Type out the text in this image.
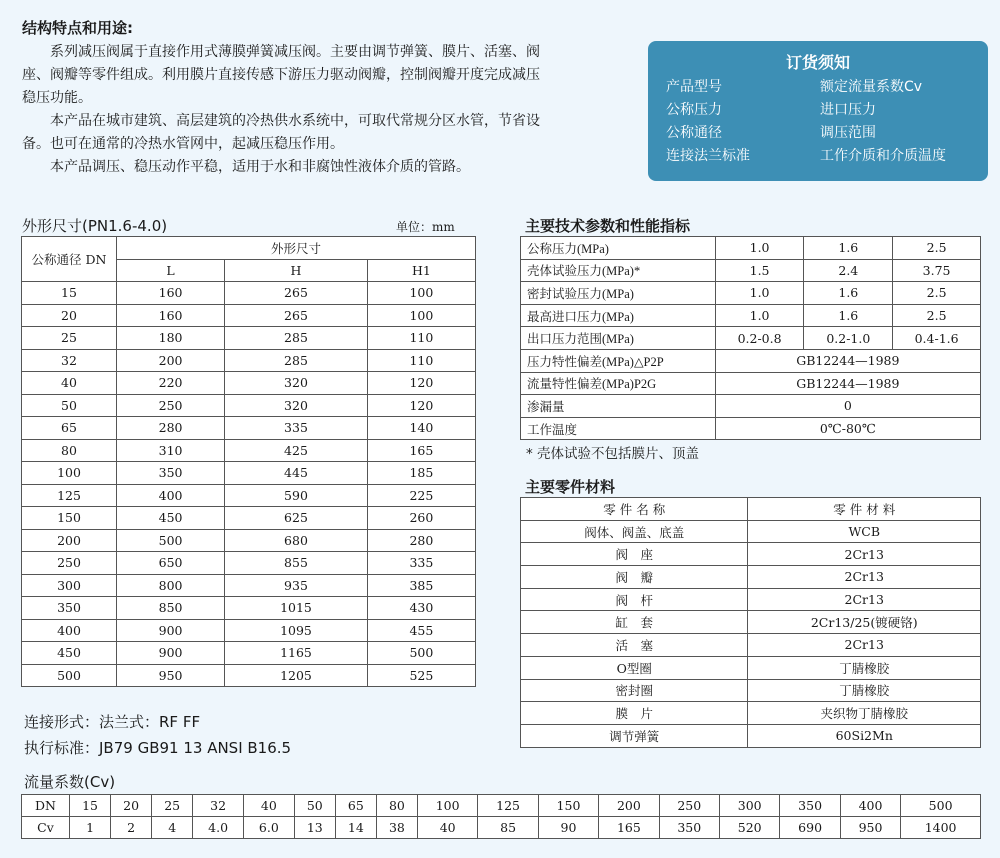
结构特点和用途:

系列减压阀属于直接作用式薄膜弹簧减压阀。主要由调节弹簧、膜片、活塞、阀

座、阀瓣等零件组成。利用膜片直接传感下游压力驱动阀瓣，控制阀瓣开度完成减压
稳压功能。

本产品在城市建筑、高层建筑的冷热供水系统中，可取代常规分区水管，节省设

备。也可在通常的冷热水管网中，起减压稳压作用。

本产品调压、稳压动作平稳，适用于水和非腐蚀性液体介质的管路。

订货须知
产品型号	额定流量系数Cv
公称压力	进口压力
公称通径	调压范围
连接法兰标准	工作介质和介质温度
外形尺寸(PN1.6-4.0)	单位：mm
公称通径 DN	外形尺寸		
	L	H	H1
15	160	265	100
20	160	265	100
25	180	285	110
32	200	285	110
40	220	320	120
50	250	320	120
65	280	335	140
80	310	425	165
100	350	445	185
125	400	590	225
150	450	625	260
200	500	680	280
250	650	855	335
300	800	935	385
350	850	1015	430
400	900	1095	455
450	900	1165	500
500	950	1205	525
主要技术参数和性能指标
公称压力(MPa)	1.0	1.6	2.5
壳体试验压力(MPa)*	1.5	2.4	3.75
密封试验压力(MPa)	1.0	1.6	2.5
最高进口压力(MPa)	1.0	1.6	2.5
出口压力范围(MPa)	0.2-0.8	0.2-1.0	0.4-1.6
压力特性偏差(MPa)△P2P	GB12244—1989		
流量特性偏差(MPa)P2G	GB12244—1989		
渗漏量	0		
工作温度	0℃-80℃		
* 壳体试验不包括膜片、顶盖
主要零件材料
零 件 名 称	零 件 材 料
阀体、阀盖、底盖	WCB
阀　座	2Cr13
阀　瓣	2Cr13
阀　杆	2Cr13
缸　套	2Cr13/25(镀硬铬)
活　塞	2Cr13
O型圈	丁腈橡胶
密封圈	丁腈橡胶
膜　片	夹织物丁腈橡胶
调节弹簧	60Si2Mn
连接形式：法兰式：RF FF
执行标准：JB79 GB91 13 ANSI B16.5
流量系数(Cv)
DN	15	20	25	32	40	50	65	80	100	125	150	200	250	300	350	400	500
Cv	1	2	4	4.0	6.0	13	14	38	40	85	90	165	350	520	690	950	1400
